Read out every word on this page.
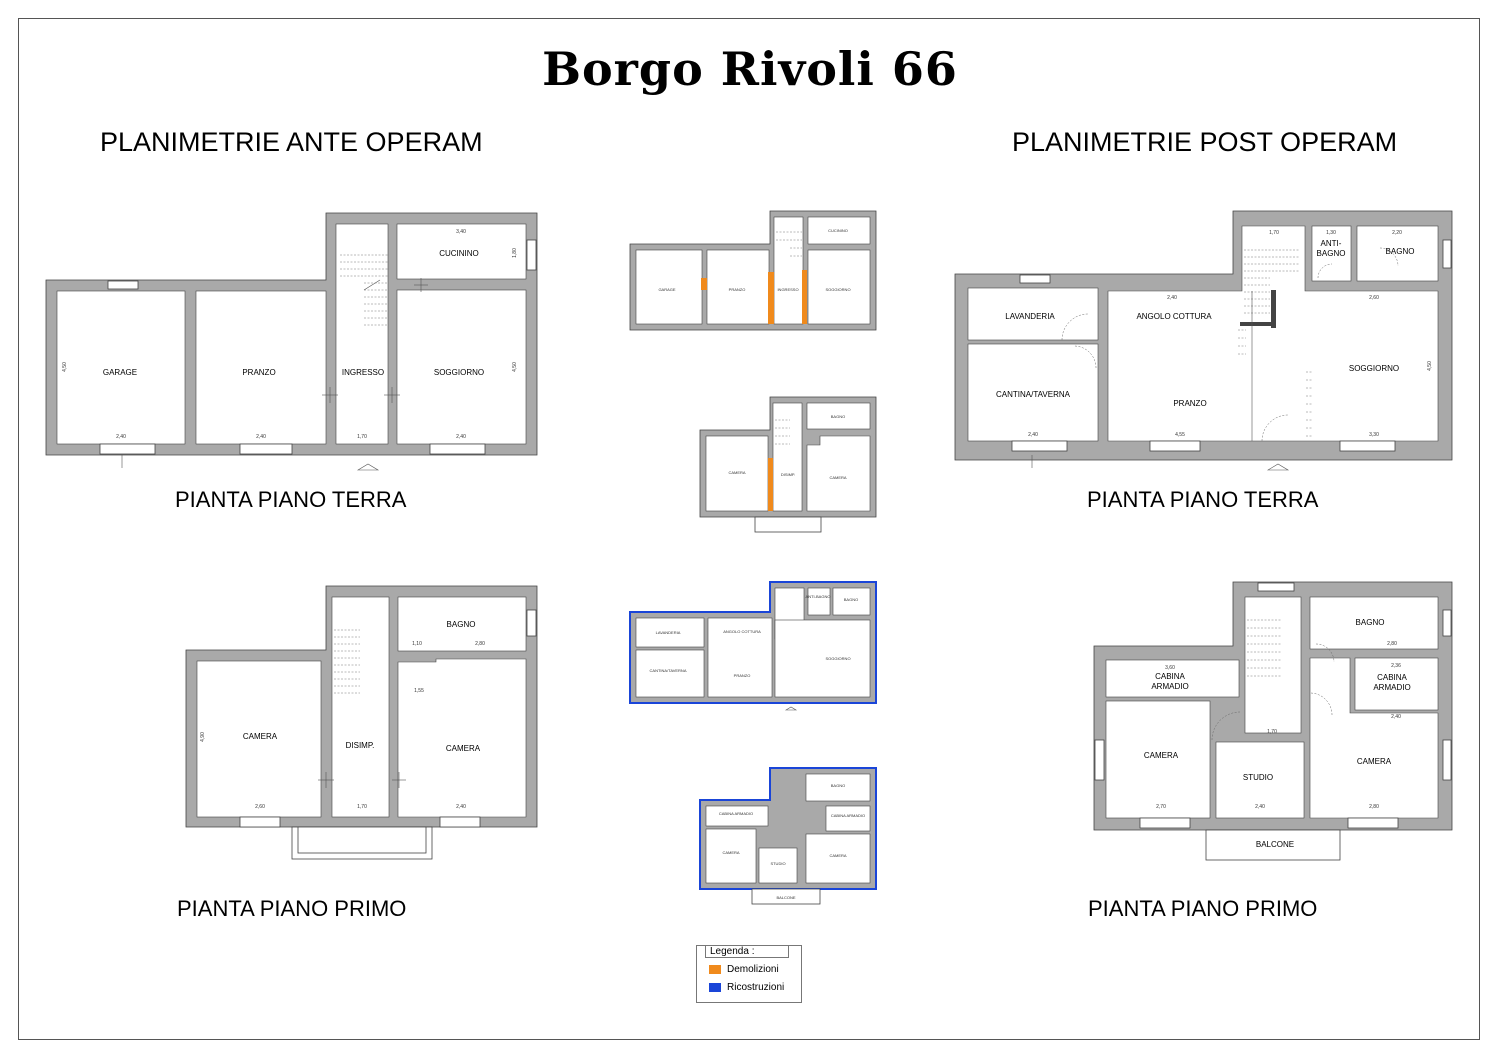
Borgo Rivoli 66
PLANIMETRIE ANTE OPERAM	PLANIMETRIE POST OPERAM
GARAGE	PRANZO	INGRESSO
CUCININO
SOGGIORNO
3,40
1,80
4,50	4,50
2,40	2,40	1,70	2,40
CAMERA
DISIMP.
BAGNO
CAMERA
2,80
1,10
1,55
4,90
2,60	1,70	2,40
GARAGE	PRANZO	INGRESSO	SOGGIORNO
CUCININO
CAMERA	DISIMP.
BAGNO
CAMERA
LAVANDERIA
CANTINA/TAVERNA
ANGOLO COTTURA
PRANZO
SOGGIORNO
ANTI-BAGNO
BAGNO
CABINA ARMADIO
CAMERA
STUDIO
BAGNO
CABINA ARMADIO
CAMERA
BALCONE
LAVANDERIA
CANTINA/TAVERNA
ANGOLO COTTURA
PRANZO
ANTI-
BAGNO	BAGNO
SOGGIORNO
1,70	1,30	2,20
2,40	2,60
4,50
2,40	4,55	3,30
CABINA
ARMADIO
CAMERA
STUDIO
BAGNO
CABINA
ARMADIO
CAMERA
BALCONE
3,60	2,36
1,70
2,80
2,40
2,70	2,40	2,80
PIANTA PIANO TERRA
PIANTA PIANO PRIMO
PIANTA PIANO TERRA
PIANTA PIANO PRIMO
Legenda :
Demolizioni
Ricostruzioni
